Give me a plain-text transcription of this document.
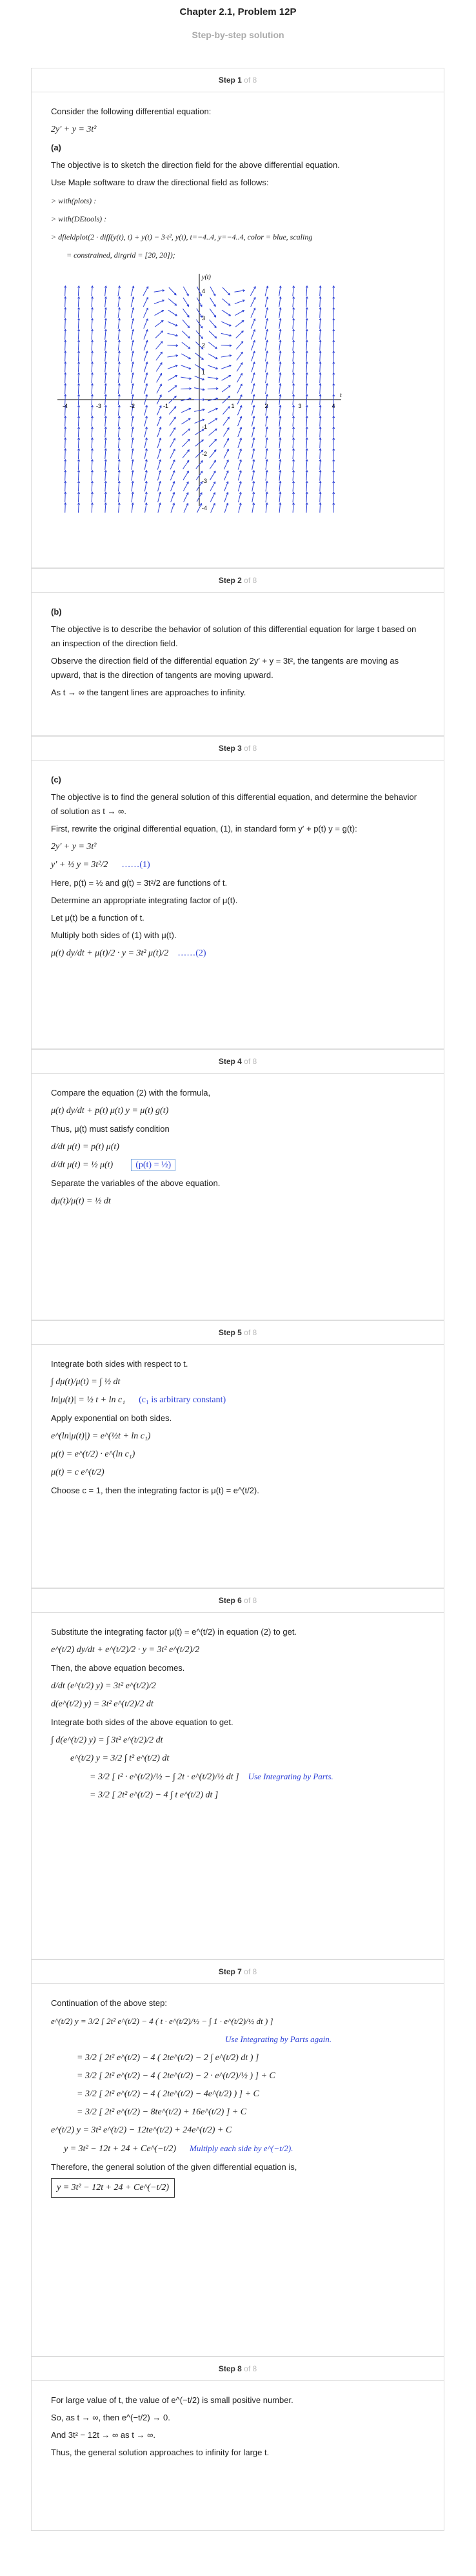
Chapter 2.1, Problem 12P
Step-by-step solution
Step 1 of 8

Consider the following differential equation:

2y′ + y = 3t²

(a)

The objective is to sketch the direction field for the above differential equation.

Use Maple software to draw the directional field as follows:

> with(plots) :
> with(DEtools) :
> dfieldplot(2 · diff(y(t), t) + y(t) − 3·t², y(t), t=−4..4, y=−4..4, color = blue, scaling
= constrained, dirgrid = [20, 20]);
-4	-3	-2	-1	1	2	3	4
4
3
2
1
-1
-2
-3
-4
t
y(t)
Step 2 of 8

(b)

The objective is to describe the behavior of solution of this differential equation for large t based on an inspection of the direction field.

Observe the direction field of the differential equation 2y′ + y = 3t², the tangents are moving as upward, that is the direction of tangents are moving upward.

As t → ∞ the tangent lines are approaches to infinity.

Step 3 of 8

(c)

The objective is to find the general solution of this differential equation, and determine the behavior of solution as t → ∞.

First, rewrite the original differential equation, (1), in standard form y′ + p(t) y = g(t):

2y′ + y = 3t²
y′ + ½ y = 3t²/2 ……(1)

Here, p(t) = ½ and g(t) = 3t²/2 are functions of t.

Determine an appropriate integrating factor of μ(t).

Let μ(t) be a function of t.

Multiply both sides of (1) with μ(t).

μ(t) dy/dt + μ(t)/2 · y = 3t² μ(t)/2 ……(2)
Step 4 of 8

Compare the equation (2) with the formula,

μ(t) dy/dt + p(t) μ(t) y = μ(t) g(t)

Thus, μ(t) must satisfy condition

d/dt μ(t) = p(t) μ(t)
d/dt μ(t) = ½ μ(t)	(p(t) = ½)

Separate the variables of the above equation.

dμ(t)/μ(t) = ½ dt
Step 5 of 8

Integrate both sides with respect to t.

∫ dμ(t)/μ(t) = ∫ ½ dt
ln|μ(t)| = ½ t + ln c₁ (c₁ is arbitrary constant)

Apply exponential on both sides.

e^(ln|μ(t)|) = e^(½t + ln c₁)
μ(t) = e^(t/2) · e^(ln c₁)
μ(t) = c e^(t/2)

Choose c = 1, then the integrating factor is μ(t) = e^(t/2).

Step 6 of 8

Substitute the integrating factor μ(t) = e^(t/2) in equation (2) to get.

e^(t/2) dy/dt + e^(t/2)/2 · y = 3t² e^(t/2)/2

Then, the above equation becomes.

d/dt (e^(t/2) y) = 3t² e^(t/2)/2
d(e^(t/2) y) = 3t² e^(t/2)/2 dt

Integrate both sides of the above equation to get.

∫ d(e^(t/2) y) = ∫ 3t² e^(t/2)/2 dt
e^(t/2) y = 3/2 ∫ t² e^(t/2) dt
= 3/2 [ t² · e^(t/2)/½ − ∫ 2t · e^(t/2)/½ dt ] Use Integrating by Parts.
= 3/2 [ 2t² e^(t/2) − 4 ∫ t e^(t/2) dt ]
Step 7 of 8

Continuation of the above step:

e^(t/2) y = 3/2 [ 2t² e^(t/2) − 4 ( t · e^(t/2)/½ − ∫ 1 · e^(t/2)/½ dt ) ]
Use Integrating by Parts again.
= 3/2 [ 2t² e^(t/2) − 4 ( 2te^(t/2) − 2 ∫ e^(t/2) dt ) ]
= 3/2 [ 2t² e^(t/2) − 4 ( 2te^(t/2) − 2 · e^(t/2)/½ ) ] + C
= 3/2 [ 2t² e^(t/2) − 4 ( 2te^(t/2) − 4e^(t/2) ) ] + C
= 3/2 [ 2t² e^(t/2) − 8te^(t/2) + 16e^(t/2) ] + C
e^(t/2) y = 3t² e^(t/2) − 12te^(t/2) + 24e^(t/2) + C
y = 3t² − 12t + 24 + Ce^(−t/2) Multiply each side by e^(−t/2).

Therefore, the general solution of the given differential equation is,

y = 3t² − 12t + 24 + Ce^(−t/2)
Step 8 of 8

For large value of t, the value of e^(−t/2) is small positive number.

So, as t → ∞, then e^(−t/2) → 0.

And 3t² − 12t → ∞ as t → ∞.

Thus, the general solution approaches to infinity for large t.
